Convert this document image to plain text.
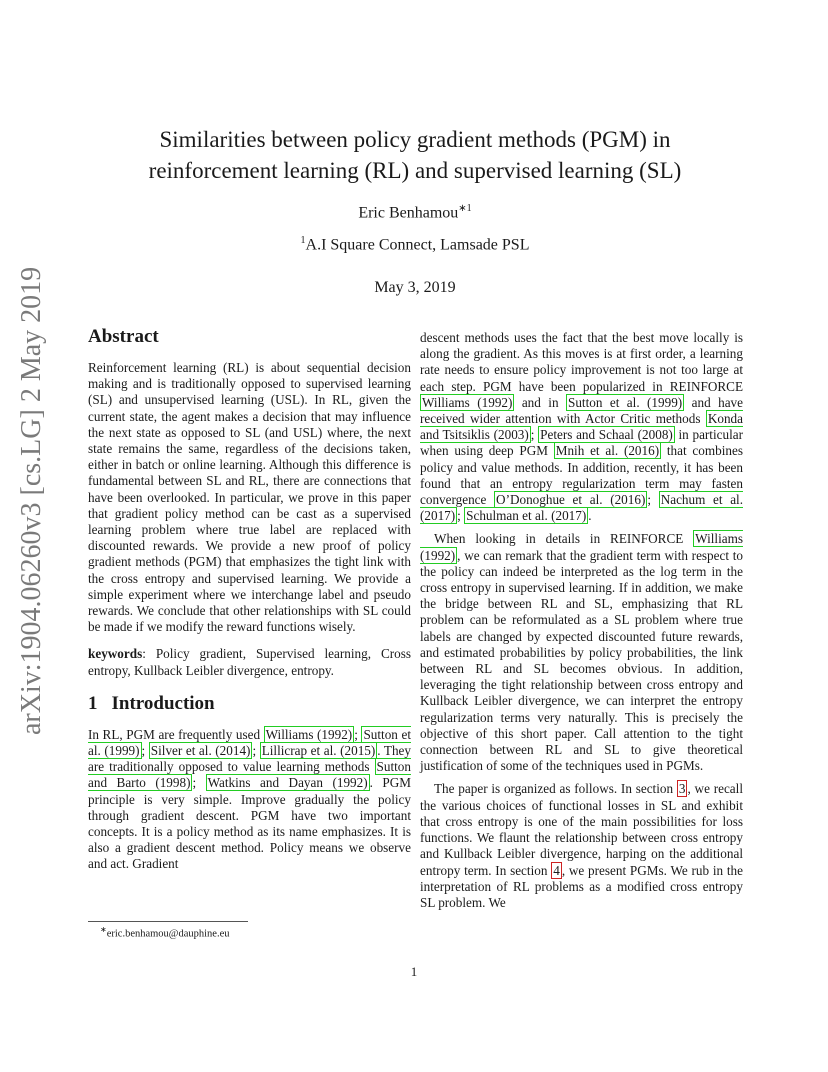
arXiv:1904.06260v3 [cs.LG] 2 May 2019
Similarities between policy gradient methods (PGM) in
reinforcement learning (RL) and supervised learning (SL)
Eric Benhamou$^{∗1}$
$^1$A.I Square Connect, Lamsade PSL
May 3, 2019
Abstract

Reinforcement learning (RL) is about sequential decision making and is traditionally opposed to supervised learning (SL) and unsupervised learning (USL). In RL, given the current state, the agent makes a decision that may influence the next state as opposed to SL (and USL) where, the next state remains the same, regardless of the decisions taken, either in batch or online learning. Although this difference is fundamental between SL and RL, there are connections that have been overlooked. In particular, we prove in this paper that gradient policy method can be cast as a supervised learning problem where true label are replaced with discounted rewards. We provide a new proof of policy gradient methods (PGM) that emphasizes the tight link with the cross entropy and supervised learning. We provide a simple experiment where we interchange label and pseudo rewards. We conclude that other relationships with SL could be made if we modify the reward functions wisely.

keywords: Policy gradient, Supervised learning, Cross entropy, Kullback Leibler divergence, entropy.

1 Introduction

In RL, PGM are frequently used Williams (1992) ; Sutton et al. (1999) ; Silver et al. (2014) ; Lillicrap et al. (2015) . They are traditionally opposed to value learning methods Sutton and Barto (1998) ; Watkins and Dayan (1992) . PGM principle is very simple. Improve gradually the policy through gradient descent. PGM have two important concepts. It is a policy method as its name emphasizes. It is also a gradient descent method. Policy means we observe and act. Gradient

∗eric.benhamou@dauphine.eu

descent methods uses the fact that the best move locally is along the gradient. As this moves is at first order, a learning rate needs to ensure policy improvement is not too large at each step. PGM have been popularized in REINFORCE Williams (1992) and in Sutton et al. (1999) and have received wider attention with Actor Critic methods Konda and Tsitsiklis (2003) ; Peters and Schaal (2008) in particular when using deep PGM Mnih et al. (2016) that combines policy and value methods. In addition, recently, it has been found that an entropy regularization term may fasten convergence O’Donoghue et al. (2016) ; Nachum et al. (2017) ; Schulman et al. (2017) .

When looking in details in REINFORCE Williams (1992) , we can remark that the gradient term with respect to the policy can indeed be interpreted as the log term in the cross entropy in supervised learning. If in addition, we make the bridge between RL and SL, emphasizing that RL problem can be reformulated as a SL problem where true labels are changed by expected discounted future rewards, and estimated probabilities by policy probabilities, the link between RL and SL becomes obvious. In addition, leveraging the tight relationship between cross entropy and Kullback Leibler divergence, we can interpret the entropy regularization terms very naturally. This is precisely the objective of this short paper. Call attention to the tight connection between RL and SL to give theoretical justification of some of the techniques used in PGMs.

The paper is organized as follows. In section 3 , we recall the various choices of functional losses in SL and exhibit that cross entropy is one of the main possibilities for loss functions. We flaunt the relationship between cross entropy and Kullback Leibler divergence, harping on the additional entropy term. In section 4 , we present PGMs. We rub in the interpretation of RL problems as a modified cross entropy SL problem. We

1
